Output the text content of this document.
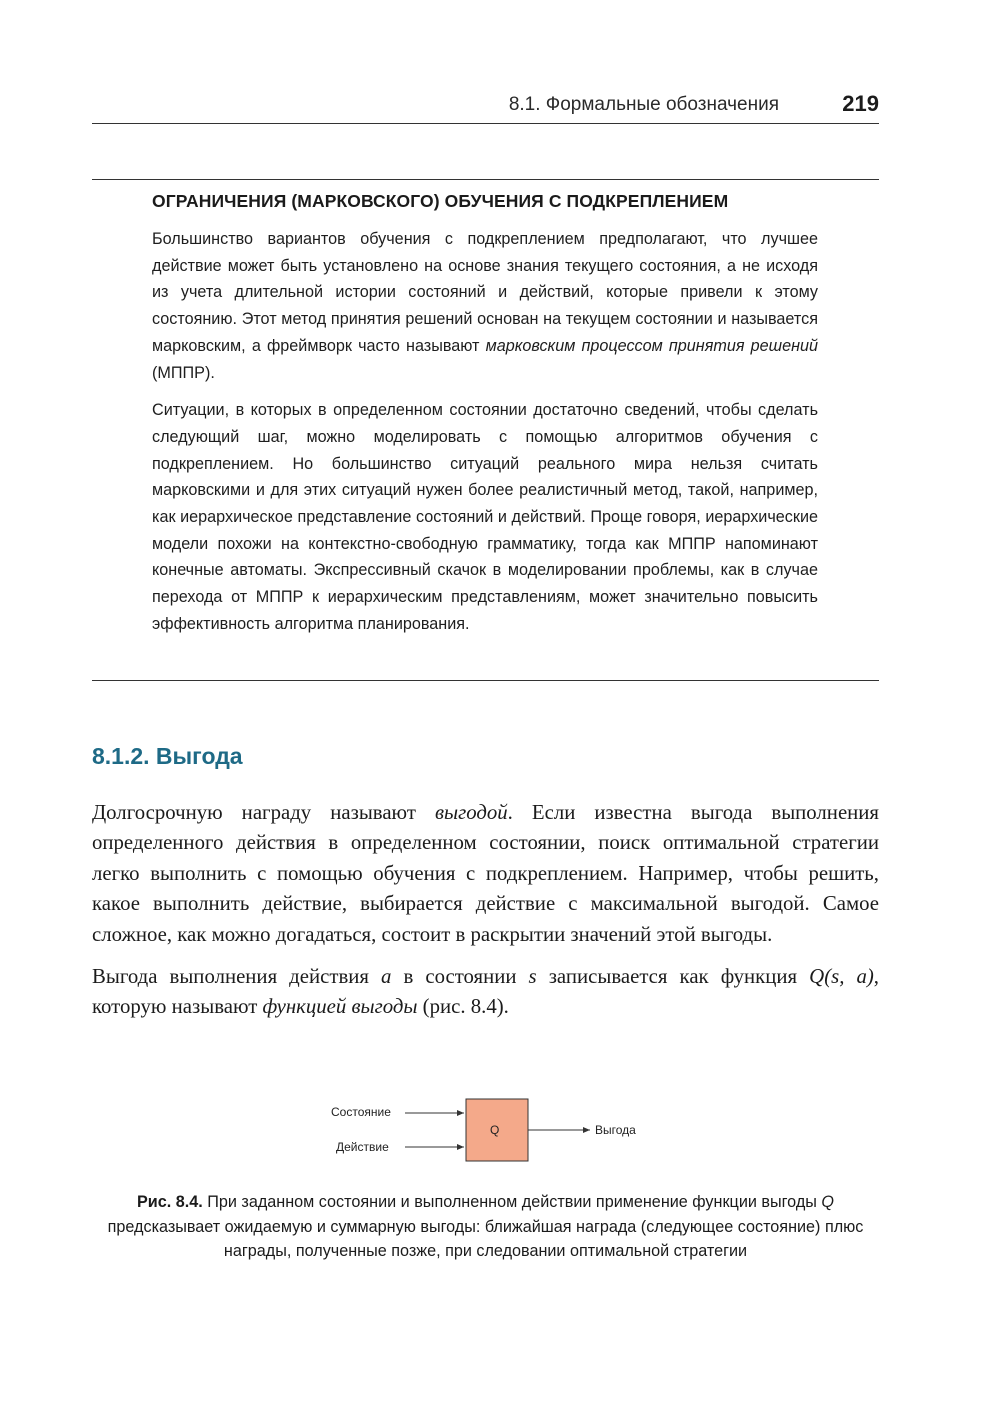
8.1. Формальные обозначения	219
ОГРАНИЧЕНИЯ (МАРКОВСКОГО) ОБУЧЕНИЯ С ПОДКРЕПЛЕНИЕМ

Большинство вариантов обучения с подкреплением предполагают, что лучшее действие может быть установлено на основе знания текущего состояния, а не исходя из учета длительной истории состояний и действий, которые привели к этому состоянию. Этот метод принятия решений основан на текущем состоянии и называется марковским, а фреймворк часто называют марковским процессом принятия решений (МППР).

Ситуации, в которых в определенном состоянии достаточно сведений, чтобы сделать следующий шаг, можно моделировать с помощью алгоритмов обучения с подкреплением. Но большинство ситуаций реального мира нельзя считать марковскими и для этих ситуаций нужен более реалистичный метод, такой, например, как иерархическое представление состояний и действий. Проще говоря, иерархические модели похожи на контекстно-свободную грамматику, тогда как МППР напоминают конечные автоматы. Экспрессивный скачок в моделировании проблемы, как в случае перехода от МППР к иерархическим представлениям, может значительно повысить эффективность алгоритма планирования.

8.1.2. Выгода

Долгосрочную награду называют выгодой. Если известна выгода выполнения определенного действия в определенном состоянии, поиск оптимальной стратегии легко выполнить с помощью обучения с подкреплением. Например, чтобы решить, какое выполнить действие, выбирается действие с максимальной выгодой. Самое сложное, как можно догадаться, состоит в раскрытии значений этой выгоды.

Выгода выполнения действия a в состоянии s записывается как функция Q(s, a), которую называют функцией выгоды (рис. 8.4).

Состояние
Действие
Q	Выгода
Рис. 8.4. При заданном состоянии и выполненном действии применение функции выгоды Q предсказывает ожидаемую и суммарную выгоды: ближайшая награда (следующее состояние) плюс награды, полученные позже, при следовании оптимальной стратегии
